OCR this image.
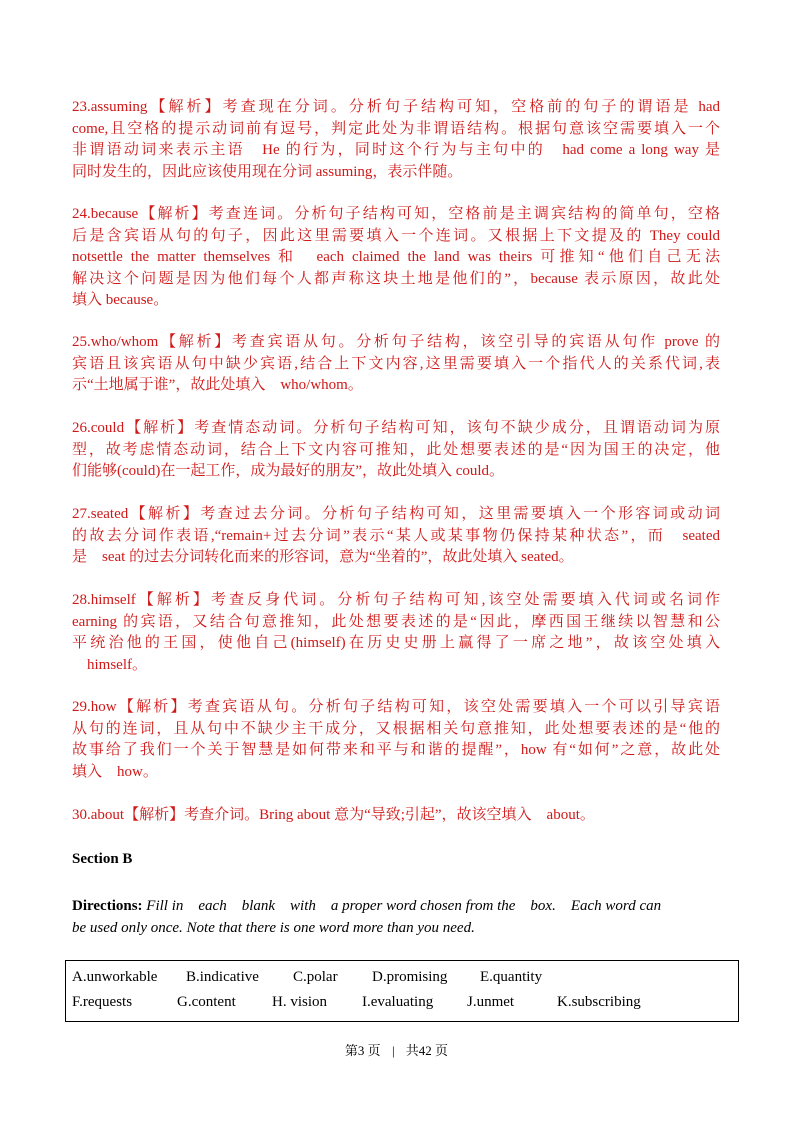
23.assuming【解析】考查现在分词。分析句子结构可知，空格前的句子的谓语是 had
come,且空格的提示动词前有逗号，判定此处为非谓语结构。根据句意该空需要填入一个
非谓语动词来表示主语　He 的行为，同时这个行为与主句中的　had come a long way 是
同时发生的，因此应该使用现在分词 assuming，表示伴随。
24.because【解析】考查连词。分析句子结构可知，空格前是主调宾结构的简单句，空格
后是含宾语从句的句子，因此这里需要填入一个连词。又根据上下文提及的 They could
notsettle the matter themselves 和　each claimed the land was theirs 可推知“他们自己无法
解决这个问题是因为他们每个人都声称这块土地是他们的”，because 表示原因，故此处
填入 because。
25.who/whom【解析】考查宾语从句。分析句子结构，该空引导的宾语从句作 prove 的
宾语且该宾语从句中缺少宾语,结合上下文内容,这里需要填入一个指代人的关系代词,表
示“土地属于谁”，故此处填入　who/whom。
26.could【解析】考查情态动词。分析句子结构可知，该句不缺少成分，且谓语动词为原
型，故考虑情态动词，结合上下文内容可推知，此处想要表述的是“因为国王的决定，他
们能够(could)在一起工作，成为最好的朋友”，故此处填入 could。
27.seated【解析】考查过去分词。分析句子结构可知，这里需要填入一个形容词或动词
的故去分词作表语,“remain+过去分词”表示“某人或某事物仍保持某种状态”，而　seated
是　seat 的过去分词转化而来的形容词，意为“坐着的”，故此处填入 seated。
28.himself【解析】考查反身代词。分析句子结构可知,该空处需要填入代词或名词作
earning 的宾语，又结合句意推知，此处想要表述的是“因此，摩西国王继续以智慧和公
平统治他的王国，使他自己(himself)在历史史册上赢得了一席之地”，故该空处填入
　himself。
29.how【解析】考查宾语从句。分析句子结构可知，该空处需要填入一个可以引导宾语
从句的连词，且从句中不缺少主干成分，又根据相关句意推知，此处想要表述的是“他的
故事给了我们一个关于智慧是如何带来和平与和谐的提醒”，how 有“如何”之意，故此处
填入　how。
30.about【解析】考查介词。Bring about 意为“导致;引起”，故该空填入　about。

Section B

Directions: Fill in　each　blank　with　a proper word chosen from the　box.　Each word can
be used only once. Note that there is one word more than you need.
A.unworkable B.indicative C.polar D.promising E.quantity
F.requests	G.content H. vision I.evaluating J.unmet	K.subscribing
第3 页 | 共42 页
